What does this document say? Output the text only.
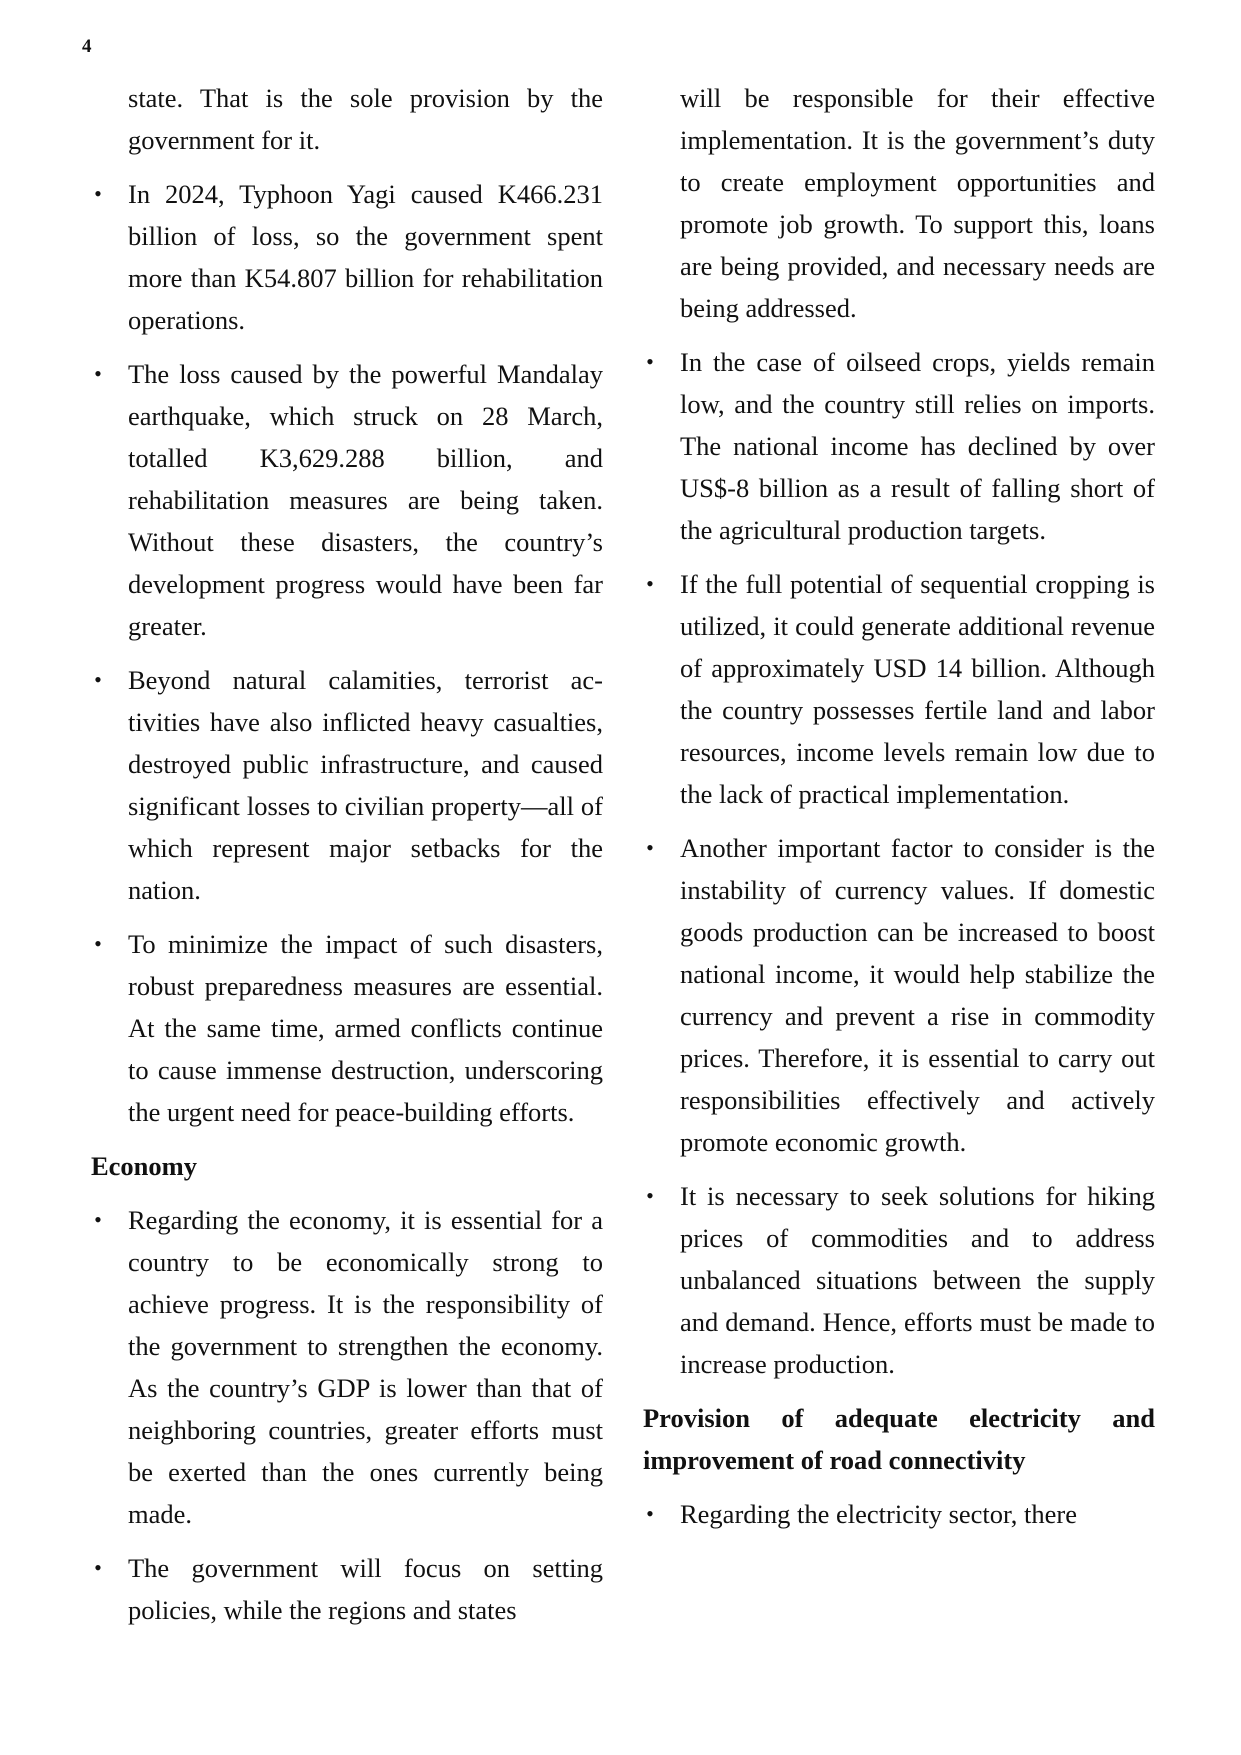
4

state. That is the sole provision by the government for it.

• In 2024, Typhoon Yagi caused K466.231 billion of loss, so the government spent more than K54.807 billion for rehabilitation operations.
• The loss caused by the powerful Mandalay earthquake, which struck on 28 March, totalled K3,629.288 billion, and rehabilitation measures are being taken. Without these disasters, the country’s development progress would have been far greater.
• Beyond natural calamities, terrorist activities have also inflicted heavy casualties, destroyed public infrastructure, and caused significant losses to civilian property—all of which represent major setbacks for the nation.
• To minimize the impact of such disasters, robust preparedness measures are essential. At the same time, armed conflicts continue to cause immense destruction, underscoring the urgent need for peace-building efforts.
Economy
• Regarding the economy, it is essential for a country to be economically strong to achieve progress. It is the responsibility of the government to strengthen the economy. As the country’s GDP is lower than that of neighboring countries, greater efforts must be exerted than the ones currently being made.
• The government will focus on setting policies, while the regions and states

will be responsible for their effective implementation. It is the government’s duty to create employment opportunities and promote job growth. To support this, loans are being provided, and necessary needs are being addressed.

• In the case of oilseed crops, yields remain low, and the country still relies on imports. The national income has declined by over US$-8 billion as a result of falling short of the agricultural production targets.
• If the full potential of sequential cropping is utilized, it could generate additional revenue of approximately USD 14 billion. Although the country possesses fertile land and labor resources, income levels remain low due to the lack of practical implementation.
• Another important factor to consider is the instability of currency values. If domestic goods production can be increased to boost national income, it would help stabilize the currency and prevent a rise in commodity prices. Therefore, it is essential to carry out responsibilities effectively and actively promote economic growth.
• It is necessary to seek solutions for hiking prices of commodities and to address unbalanced situations between the supply and demand. Hence, efforts must be made to increase production.
Provision of adequate electricity and improvement of road connectivity
• Regarding the electricity sector, there
